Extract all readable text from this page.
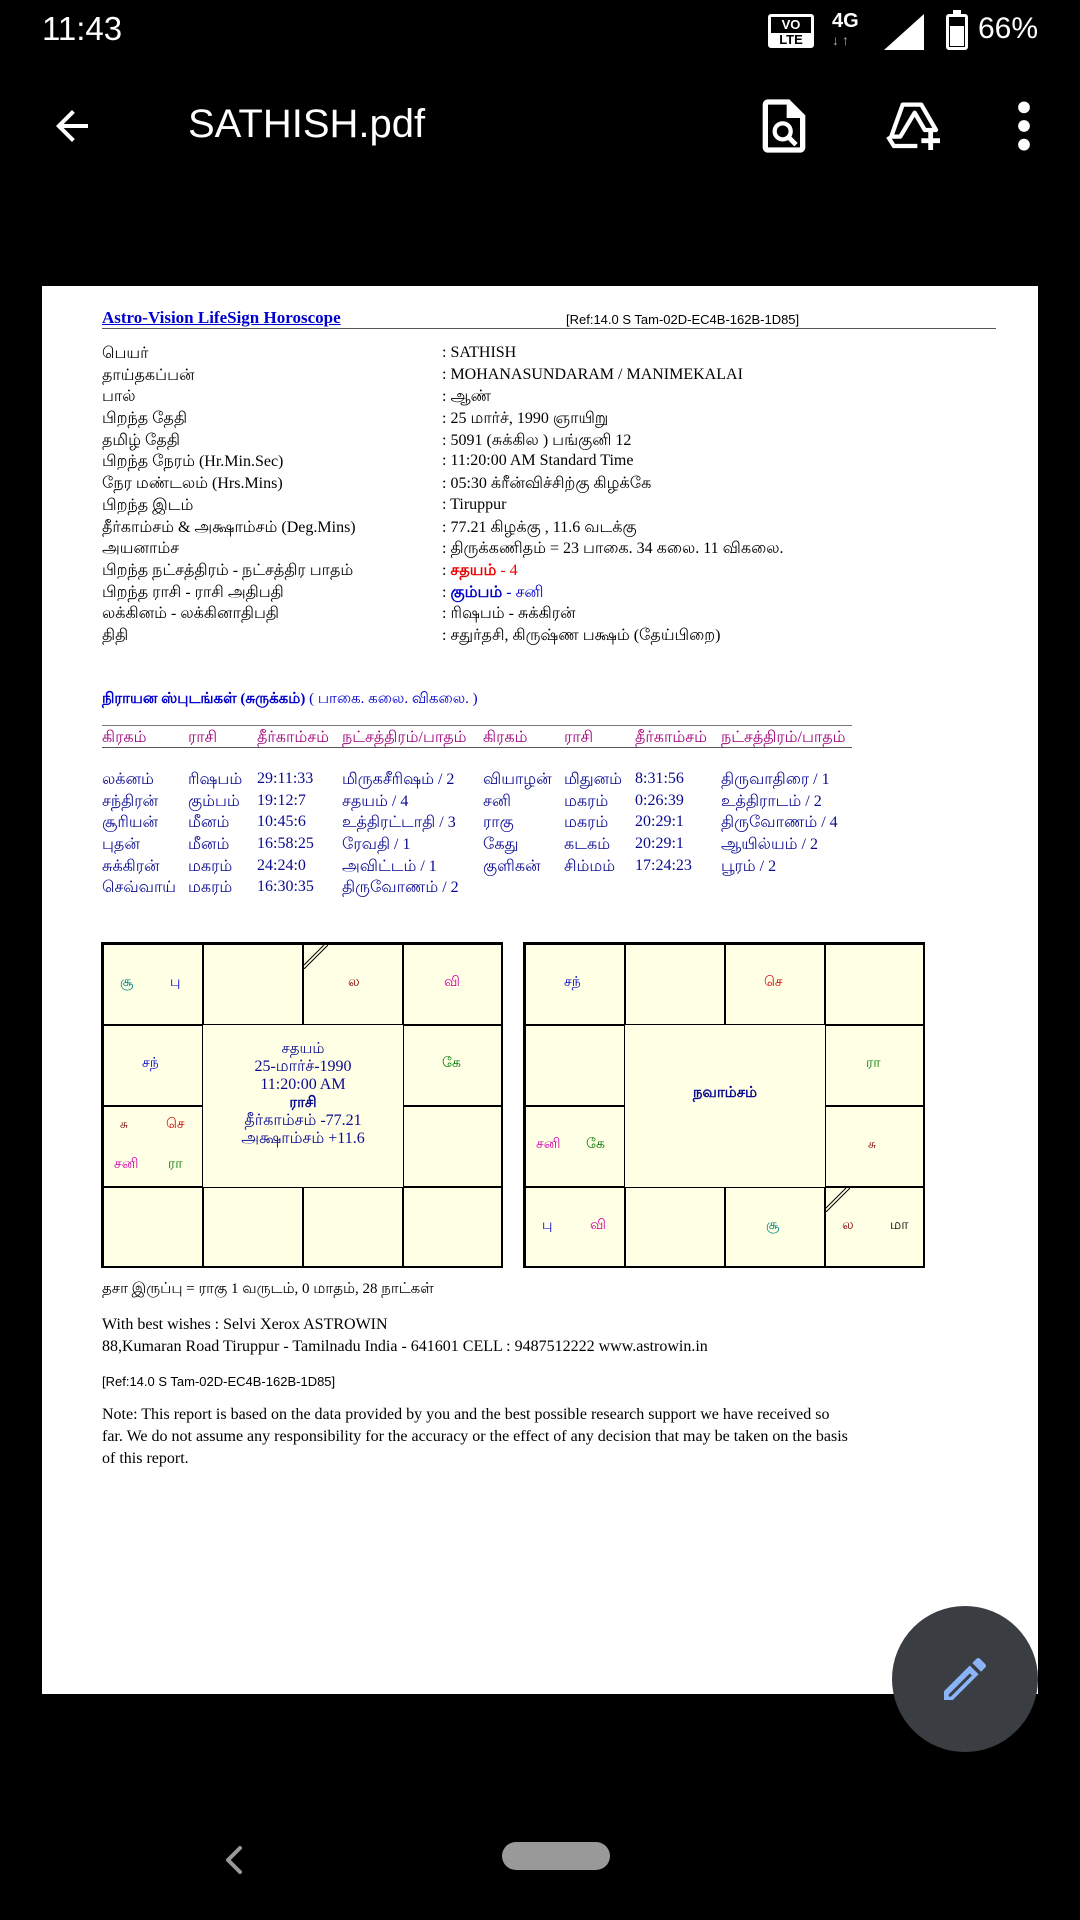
11:43	VO
LTE
4G
↓↑	66%
SATHISH.pdf
Astro-Vision LifeSign Horoscope	[Ref:14.0 S Tam-02D-EC4B-162B-1D85]
பெயர்	: SATHISH
தாய்தகப்பன்	: MOHANASUNDARAM / MANIMEKALAI
பால்	: ஆண்
பிறந்த தேதி	: 25 மார்ச், 1990 ஞாயிறு
தமிழ் தேதி	: 5091 (சுக்கில ) பங்குனி 12
பிறந்த நேரம் (Hr.Min.Sec)	: 11:20:00 AM Standard Time
நேர மண்டலம் (Hrs.Mins)	: 05:30 க்ரீன்விச்சிற்கு கிழக்கே
பிறந்த இடம்	: Tiruppur
தீர்காம்சம் & அக்ஷாம்சம் (Deg.Mins)	: 77.21 கிழக்கு , 11.6 வடக்கு
அயனாம்ச	: திருக்கணிதம் = 23 பாகை. 34 கலை. 11 விகலை.
பிறந்த நட்சத்திரம் - நட்சத்திர பாதம்	: சதயம் - 4
பிறந்த ராசி - ராசி அதிபதி	: கும்பம் - சனி
லக்கினம் - லக்கினாதிபதி	: ரிஷபம் - சுக்கிரன்
திதி	: சதுர்தசி, கிருஷ்ண பக்ஷம் (தேய்பிறை)
நிராயன ஸ்புடங்கள் (சுருக்கம்) ( பாகை. கலை. விகலை. )
கிரகம்	ராசி தீர்காம்சம் நட்சத்திரம்/பாதம் கிரகம் ராசி	தீர்காம்சம் நட்சத்திரம்/பாதம்
லக்னம் ரிஷபம் 29:11:33 மிருகசீரிஷம் / 2 வியாழன் மிதுனம் 8:31:56 திருவாதிரை / 1
சந்திரன் கும்பம் 19:12:7 சதயம் / 4	சனி	மகரம் 0:26:39 உத்திராடம் / 2
சூரியன் மீனம் 10:45:6 உத்திரட்டாதி / 3 ராகு	மகரம் 20:29:1 திருவோணம் / 4
புதன்	மீனம் 16:58:25 ரேவதி / 1	கேது	கடகம் 20:29:1 ஆயில்யம் / 2
சுக்கிரன் மகரம் 24:24:0 அவிட்டம் / 1	குளிகன் சிம்மம் 17:24:23 பூரம் / 2
செவ்வாய் மகரம் 16:30:35 திருவோணம் / 2
சூ	பு	ல	வி
சந்	கே
சு	செ
சனி ரா
சதயம்
25-மார்ச்-1990
11:20:00 AM
ராசி
தீர்காம்சம் -77.21
அக்ஷாம்சம் +11.6
சந்	செ
ரா
சனி கே	சு
பு	வி	சூ	ல	மா
நவாம்சம்
தசா இருப்பு = ராகு 1 வருடம், 0 மாதம், 28 நாட்கள்
With best wishes : Selvi Xerox ASTROWIN
88,Kumaran Road Tiruppur - Tamilnadu India - 641601 CELL : 9487512222 www.astrowin.in
[Ref:14.0 S Tam-02D-EC4B-162B-1D85]
Note: This report is based on the data provided by you and the best possible research support we have received so
far. We do not assume any responsibility for the accuracy or the effect of any decision that may be taken on the basis
of this report.
